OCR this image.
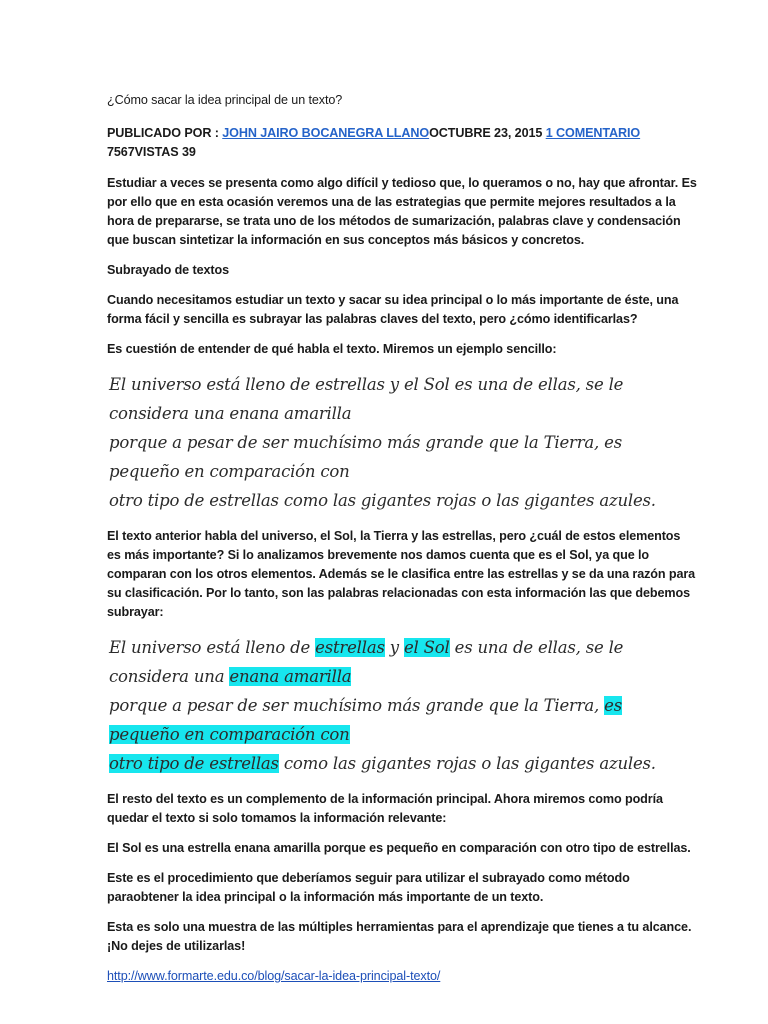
¿Cómo sacar la idea principal de un texto?

PUBLICADO POR : JOHN JAIRO BOCANEGRA LLANOOCTUBRE 23, 2015 1 COMENTARIO 7567VISTAS 39

Estudiar a veces se presenta como algo difícil y tedioso que, lo queramos o no, hay que afrontar. Es por ello que en esta ocasión veremos una de las estrategias que permite mejores resultados a la hora de prepararse, se trata uno de los métodos de sumarización, palabras clave y condensación que buscan sintetizar la información en sus conceptos más básicos y concretos.

Subrayado de textos

Cuando necesitamos estudiar un texto y sacar su idea principal o lo más importante de éste, una forma fácil y sencilla es subrayar las palabras claves del texto, pero ¿cómo identificarlas?

Es cuestión de entender de qué habla el texto. Miremos un ejemplo sencillo:

El universo está lleno de estrellas y el Sol es una de ellas, se le considera una enana amarilla
porque a pesar de ser muchísimo más grande que la Tierra, es pequeño en comparación con
otro tipo de estrellas como las gigantes rojas o las gigantes azules.

El texto anterior habla del universo, el Sol, la Tierra y las estrellas, pero ¿cuál de estos elementos es más importante? Si lo analizamos brevemente nos damos cuenta que es el Sol, ya que lo comparan con los otros elementos. Además se le clasifica entre las estrellas y se da una razón para su clasificación. Por lo tanto, son las palabras relacionadas con esta información las que debemos subrayar:

El universo está lleno de estrellas y el Sol es una de ellas, se le considera una enana amarilla
porque a pesar de ser muchísimo más grande que la Tierra, es pequeño en comparación con
otro tipo de estrellas como las gigantes rojas o las gigantes azules.

El resto del texto es un complemento de la información principal. Ahora miremos como podría quedar el texto si solo tomamos la información relevante:

El Sol es una estrella enana amarilla porque es pequeño en comparación con otro tipo de estrellas.

Este es el procedimiento que deberíamos seguir para utilizar el subrayado como método paraobtener la idea principal o la información más importante de un texto.

Esta es solo una muestra de las múltiples herramientas para el aprendizaje que tienes a tu alcance. ¡No dejes de utilizarlas!

http://www.formarte.edu.co/blog/sacar-la-idea-principal-texto/
